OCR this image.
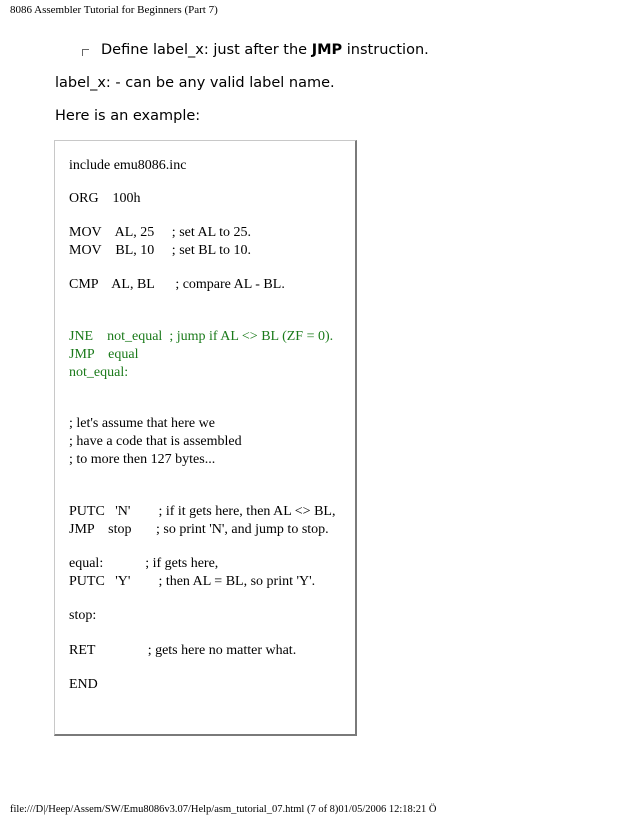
8086 Assembler Tutorial for Beginners (Part 7)
Define label_x: just after the JMP instruction.
label_x: - can be any valid label name.
Here is an example:
include emu8086.inc
ORG    100h
MOV    AL, 25     ; set AL to 25.
MOV    BL, 10     ; set BL to 10.
CMP    AL, BL      ; compare AL - BL.
JNE    not_equal  ; jump if AL <> BL (ZF = 0).
JMP    equal
not_equal:
; let's assume that here we
; have a code that is assembled
; to more then 127 bytes...
PUTC   'N'        ; if it gets here, then AL <> BL,
JMP    stop       ; so print 'N', and jump to stop.
equal:            ; if gets here,
PUTC   'Y'        ; then AL = BL, so print 'Y'.
stop:
RET               ; gets here no matter what.
END
file:///D|/Heep/Assem/SW/Emu8086v3.07/Help/asm_tutorial_07.html (7 of 8)01/05/2006 12:18:21 Ö
